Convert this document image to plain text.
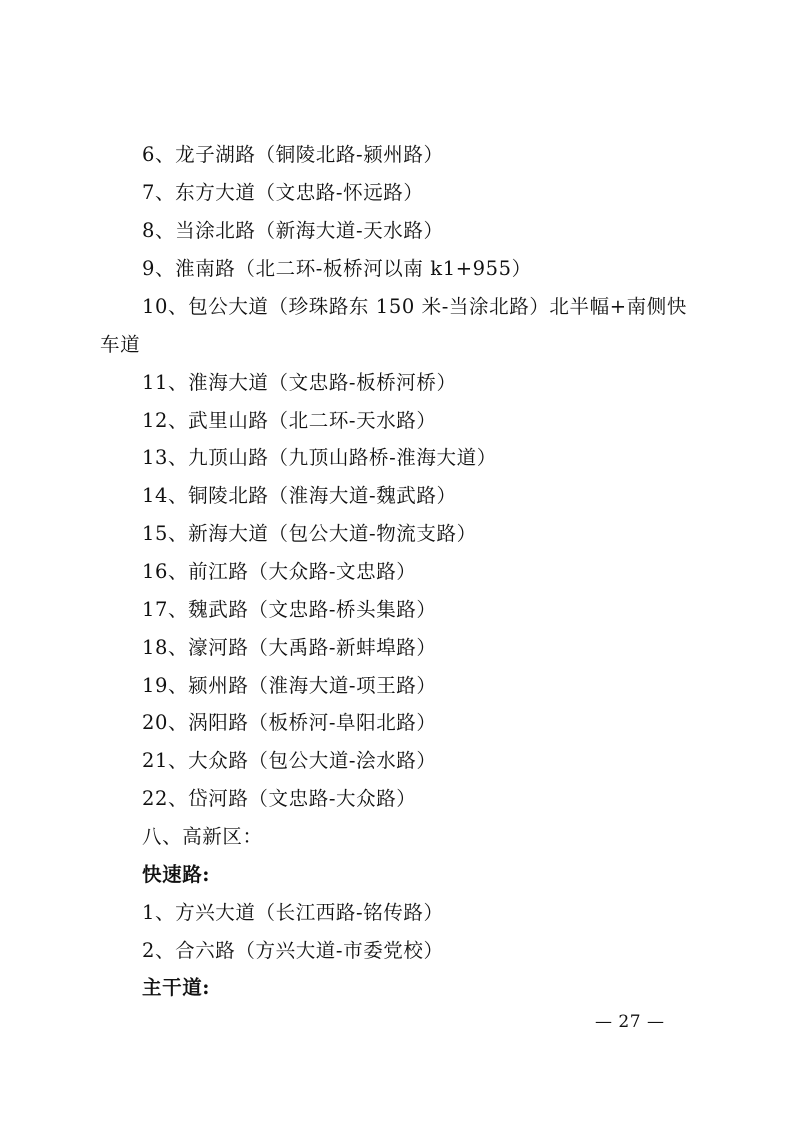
6、龙子湖路（铜陵北路-颍州路）
7、东方大道（文忠路-怀远路）
8、当涂北路（新海大道-天水路）
9、淮南路（北二环-板桥河以南 k1+955）
10、包公大道（珍珠路东 150 米-当涂北路）北半幅+南侧快
车道
11、淮海大道（文忠路-板桥河桥）
12、武里山路（北二环-天水路）
13、九顶山路（九顶山路桥-淮海大道）
14、铜陵北路（淮海大道-魏武路）
15、新海大道（包公大道-物流支路）
16、前江路（大众路-文忠路）
17、魏武路（文忠路-桥头集路）
18、濠河路（大禹路-新蚌埠路）
19、颍州路（淮海大道-项王路）
20、涡阳路（板桥河-阜阳北路）
21、大众路（包公大道-浍水路）
22、岱河路（文忠路-大众路）
八、高新区：
快速路:
1、方兴大道（长江西路-铭传路）
2、合六路（方兴大道-市委党校）
主干道:
— 27 —
